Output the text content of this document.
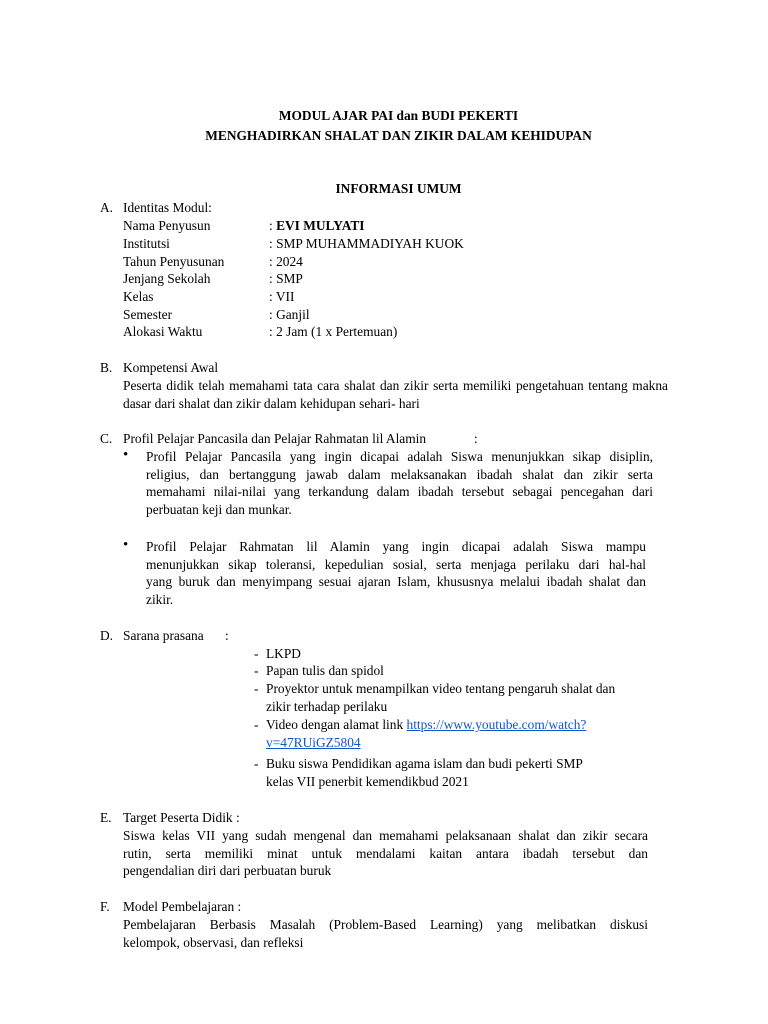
MODUL AJAR PAI dan BUDI PEKERTI
MENGHADIRKAN SHALAT DAN ZIKIR DALAM KEHIDUPAN
INFORMASI UMUM
A. Identitas Modul:
Nama Penyusun	: EVI MULYATI
Institutsi	: SMP MUHAMMADIYAH KUOK
Tahun Penyusunan	: 2024
Jenjang Sekolah	: SMP
Kelas	: VII
Semester	: Ganjil
Alokasi Waktu	: 2 Jam (1 x Pertemuan)
B. Kompetensi Awal
Peserta didik telah memahami tata cara shalat dan zikir serta memiliki pengetahuan tentang makna
dasar dari shalat dan zikir dalam kehidupan sehari- hari
C. Profil Pelajar Pancasila dan Pelajar Rahmatan lil Alamin	:
•	Profil Pelajar Pancasila yang ingin dicapai adalah Siswa menunjukkan sikap disiplin,
religius, dan bertanggung jawab dalam melaksanakan ibadah shalat dan zikir serta
memahami nilai-nilai yang terkandung dalam ibadah tersebut sebagai pencegahan dari
perbuatan keji dan munkar.
•	Profil Pelajar Rahmatan lil Alamin yang ingin dicapai adalah Siswa mampu
menunjukkan sikap toleransi, kepedulian sosial, serta menjaga perilaku dari hal-hal
yang buruk dan menyimpang sesuai ajaran Islam, khususnya melalui ibadah shalat dan
zikir.
D. Sarana prasana :
- LKPD
- Papan tulis dan spidol
- Proyektor untuk menampilkan video tentang pengaruh shalat dan
zikir terhadap perilaku
- Video dengan alamat link https://www.youtube.com/watch?
v=47RUiGZ5804
- Buku siswa Pendidikan agama islam dan budi pekerti SMP
kelas VII penerbit kemendikbud 2021
E. Target Peserta Didik :
Siswa kelas VII yang sudah mengenal dan memahami pelaksanaan shalat dan zikir secara
rutin, serta memiliki minat untuk mendalami kaitan antara ibadah tersebut dan
pengendalian diri dari perbuatan buruk
F. Model Pembelajaran :
Pembelajaran Berbasis Masalah (Problem-Based Learning) yang melibatkan diskusi
kelompok, observasi, dan refleksi
